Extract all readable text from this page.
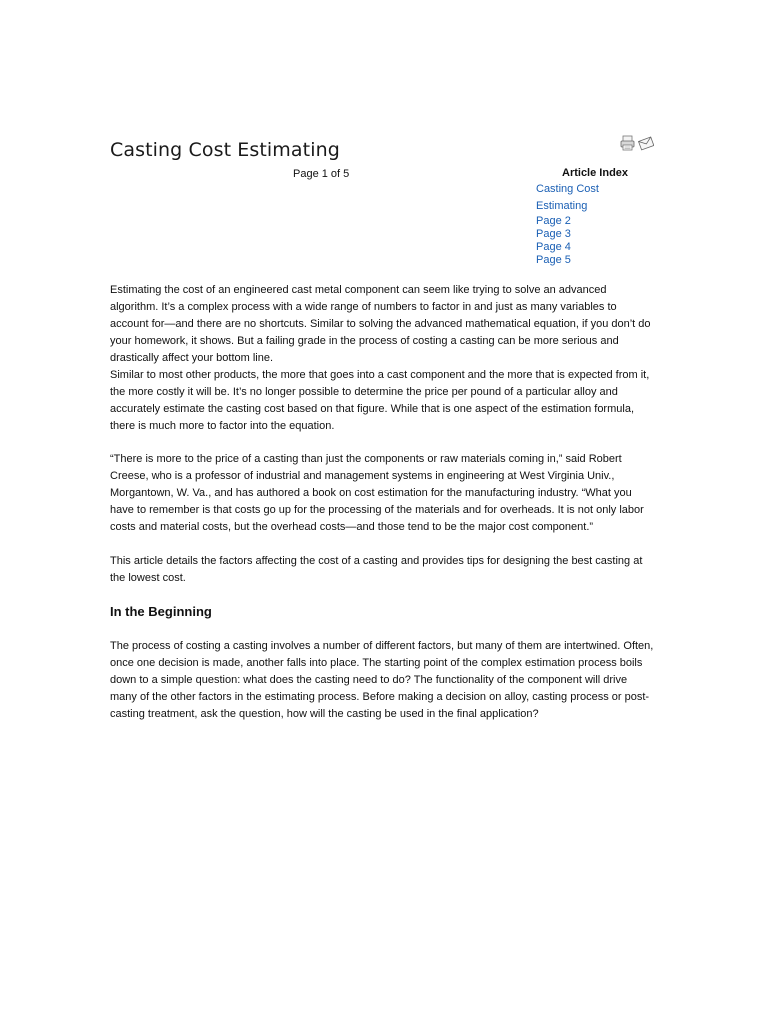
Casting Cost Estimating
Page 1 of 5	Article Index
Casting Cost Estimating
Page 2
Page 3
Page 4
Page 5

Estimating the cost of an engineered cast metal component can seem like trying to solve an advanced algorithm. It’s a complex process with a wide range of numbers to factor in and just as many variables to account for—and there are no shortcuts. Similar to solving the advanced mathematical equation, if you don’t do your homework, it shows. But a failing grade in the process of costing a casting can be more serious and drastically affect your bottom line.

Similar to most other products, the more that goes into a cast component and the more that is expected from it, the more costly it will be. It’s no longer possible to determine the price per pound of a particular alloy and accurately estimate the casting cost based on that figure. While that is one aspect of the estimation formula, there is much more to factor into the equation.

“There is more to the price of a casting than just the components or raw materials coming in,” said Robert Creese, who is a professor of industrial and management systems in engineering at West Virginia Univ., Morgantown, W. Va., and has authored a book on cost estimation for the manufacturing industry. “What you have to remember is that costs go up for the processing of the materials and for overheads. It is not only labor costs and material costs, but the overhead costs—and those tend to be the major cost component.”

This article details the factors affecting the cost of a casting and provides tips for designing the best casting at the lowest cost.

In the Beginning

The process of costing a casting involves a number of different factors, but many of them are intertwined. Often, once one decision is made, another falls into place. The starting point of the complex estimation process boils down to a simple question: what does the casting need to do? The functionality of the component will drive many of the other factors in the estimating process. Before making a decision on alloy, casting process or post-casting treatment, ask the question, how will the casting be used in the final application?
